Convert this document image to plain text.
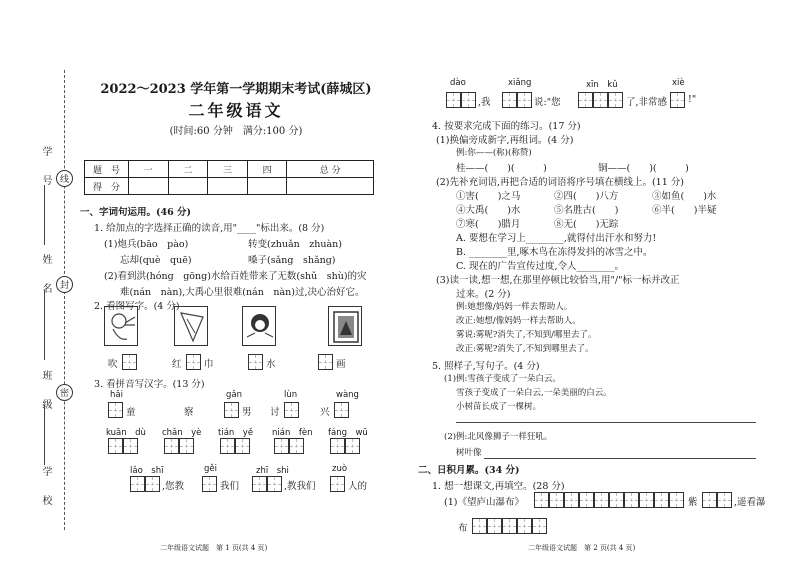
学 号
姓 名
班 级
学 校
线
封
密
2022～2023 学年第一学期期末考试(薛城区)
二年级语文
(时间:60 分钟　满分:100 分)
题　号	一	二	三	四	总 分
得　分					
一、字词句运用。(46 分)
1. 给加点的字选择正确的读音,用"____"标出来。(8 分)
(1)炮兵(bāo　pào)	转变(zhuǎn　zhuàn)
忘却(què　quē)	嗓子(sǎng　shǎng)
(2)看到洪(hóng　gōng)水给百姓带来了无数(shǔ　shù)的灾
难(nán　nàn),大禹心里很难(nán　nàn)过,决心治好它。
2. 看图写字。(4 分)
吹	红 巾	水	画
3. 看拼音写汉字。(13 分)
hǎi	gǎn	lùn	wàng
童	察	男 讨	兴
kuān　dù chǎn　yè tián　yě nián　fèn fáng　wū
lǎo　shī	gěi	zhī　shi	zuò
,您教	我们	,教我们	人的
二年级语文试题　第 1 页(共 4 页)
dào	xiǎng	xīn　kǔ	xiè
,我	说:"您	了,非常感 !"
4. 按要求完成下面的练习。(17 分)
(1)换偏旁成新字,再组词。(4 分)
例:你——(称)(称赞)
桂——(　　)(　　　)	铜——(　　)(　　　)
(2)先补充词语,再把合适的词语将序号填在横线上。(11 分)
①害(　　)之马	②四(　　)八方	③如鱼(　　)水
④大禹(　　)水	⑤名胜古(　　)	⑥半(　　)半疑
⑦寒(　　)腊月	⑧无(　　)无踪
A. 要想在学习上________,就得付出汗水和努力!
B. ________里,啄木鸟在冻得发抖的冰雪之中。
C. 现在的广告宣传过度,令人________。
(3)读一读,想一想,在那里停顿比较恰当,用"/"标一标并改正
过来。(2 分)
例:她想像/妈妈一样去帮助人。
改正:她想/像妈妈一样去帮助人。
雾说:雾呢?消失了,不知到/哪里去了。
改正:雾呢?消失了,不知到哪里去了。
5. 照样子,写句子。(4 分)
(1)例:雪孩子变成了一朵白云。
雪孩子变成了一朵白云,一朵美丽的白云。
小树苗长成了一棵树。
(2)例:北风像狮子一样狂吼。
树叶像
二、日积月累。(34 分)
1. 想一想课文,再填空。(28 分)
(1)《望庐山瀑布》	紫	,遥看瀑
布
二年级语文试题　第 2 页(共 4 页)
